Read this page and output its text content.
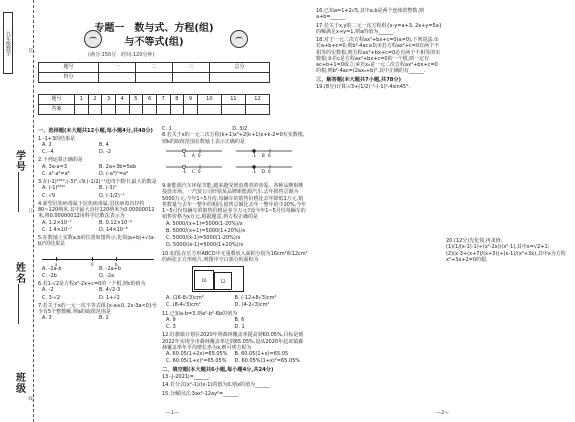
九年级数学
学号
姓名
班级
装
订
线
专题一　数与式、方程(组)
与不等式(组)
(满分:150分　时间:120分钟)
题号	一	二	三	总分
得分				
题号	1	2	3	4	5	6	7	8	9	10	11	12
答案												
一、选择题(本大题共12小题,每小题4分,共48分)
1.-1+3的结果是
A. 2	B. 4
C. -4	D. -2
2.下列运算正确的是
A. 3a-a=3	B. 2a+3b=5ab
C. a²·a³=a⁶	D. (-a³)²=a⁶
3.在(-1)²⁰²⁰,(-3)⁰,√9,(-1/2)⁻¹这四个数中,最大的数是
A. (-1)²⁰²⁰	B. (-3)⁰
C. √9	D. (-1/2)⁻¹
4.新型冠状病毒属于冠状病毒属,冠状病毒直径约80~120纳米,其中最大直径120纳米为0.00000012米,将0.00000012用科学记数法表示为
A. 1.2×10⁻⁷	B. 0.12×10⁻⁶
C. 1.4×10⁻⁷	D. 14×10⁻⁸
5.在数轴上实数a,b的位置如图所示,化简|a+b|+√(a-b)²的结果是
a	0	b
A. -2a-b	B. -2a+b
C. -2b	D. -2a
6.若1-√2是方程x²-2x+c=0的一个根,则c的值为
A. -2	B. 4√2-3
C. 3-√2	D. 1+√2
7.若关于x的一元一次不等式组{x-a≥0, 2x-3a<0}至少有5个整数解,则a的取值范围是
A. 3	B. 2
C. 1	D. 3/2
8.若关于x的一元二次方程(k+1)x²+2(k+1)x+k-2=0有实数根,则k的取值范围在数轴上表示正确的是
-1	0
A	-1	0
B
-1	0
C	-1	0
D
9.新能源汽车环保节能,越来越受到消费者的喜爱。各种品牌相继投放市场。一汽贸公司经销某品牌新能源汽车,去年销售总额为5000万元,今年1~5月份,每辆车的销售价格比去年降低1万元,销售数量与去年一整年的相同,销售总额比去年一整年的少20%,今年1~5月份每辆车的销售价格是多少万元?设今年1~5月份每辆车的销售价格为x万元,根据题意,列方程正确的是
A. 5000/(x+1)=5000(1-20%)/x
B. 5000/(x+1)=5000(1+20%)/x
C. 5000/(x-1)=5000(1-20%)/x
D. 5000/(x-1)=5000(1+20%)/x
10.如图,在长方形ABCD中无重叠放入面积分别为16cm²和12cm²的两张正方形纸片,则图中空白部分的面积为
16	12
A. (16-8√3)cm²	B. (-12+8√3)cm²
C. (8-4√3)cm²	D. (4-2√3)cm²
11.已知a-b=3,则a²-b²-6b的值为
A. 9	B. 6
C. 3	D. 1
12.红旗镇计划在2020年将森林覆盖率提高到60.05%,目标是到2022年实现全市森林覆盖率达到65.05%,设从2020年起该镇森林覆盖率年平均增长率为x,则可列方程为
A. 60.05(1+2x)=65.05% B. 60.05(1+x)=65.05
C. 60.05(1+x)²=65.05%	D. 60.05%(1+x)²=65.05%
二、填空题(本大题共6小题,每小题4分,共24分)
13.-|-2021|=______.
14.若分式(x²-1)/(x-1)的值为0,则x的值为______.
15.分解因式:3ax²-12ay²=______.
—1—
16.已知a=1+2√5,其中a,b是两个连续的整数,则a+b=______.
17.若关于x,y的二元一次方程组{x-y=a+3, 2x+y=5a}的解满足x+y=1,则a的值为______.
18.对于一元二次方程ax²+bx+c=0(a≠0),下列说法:①若a+b+c=0,则b²-4ac≥0;②若方程ax²+c=0有两个不相等的实数根,则方程ax²+bx+c=0必有两个不相等的实数根;③若c是方程ax²+bx+c=0的一个根,则一定有ac+b+1=0成立;④若x₀是一元二次方程ax²+bx+c=0的根,则b²-4ac=(2ax₀+b)².其中正确的有______.
三、解答题(本大题共7小题,共78分)
19.(8分)计算:√3+(1/2)⁻¹-(-1)⁰-4sin45°.
20.(12分)先化简,再求值:
(1)(1/(x-1)-1)÷(x²-2x)/(x²-1),其中x=√2+1;
(2)(x-3+(x+7)/(x+3))÷(x-1)/(x²+3x),其中x为方程x²+3x+2=0的根.
—2—
